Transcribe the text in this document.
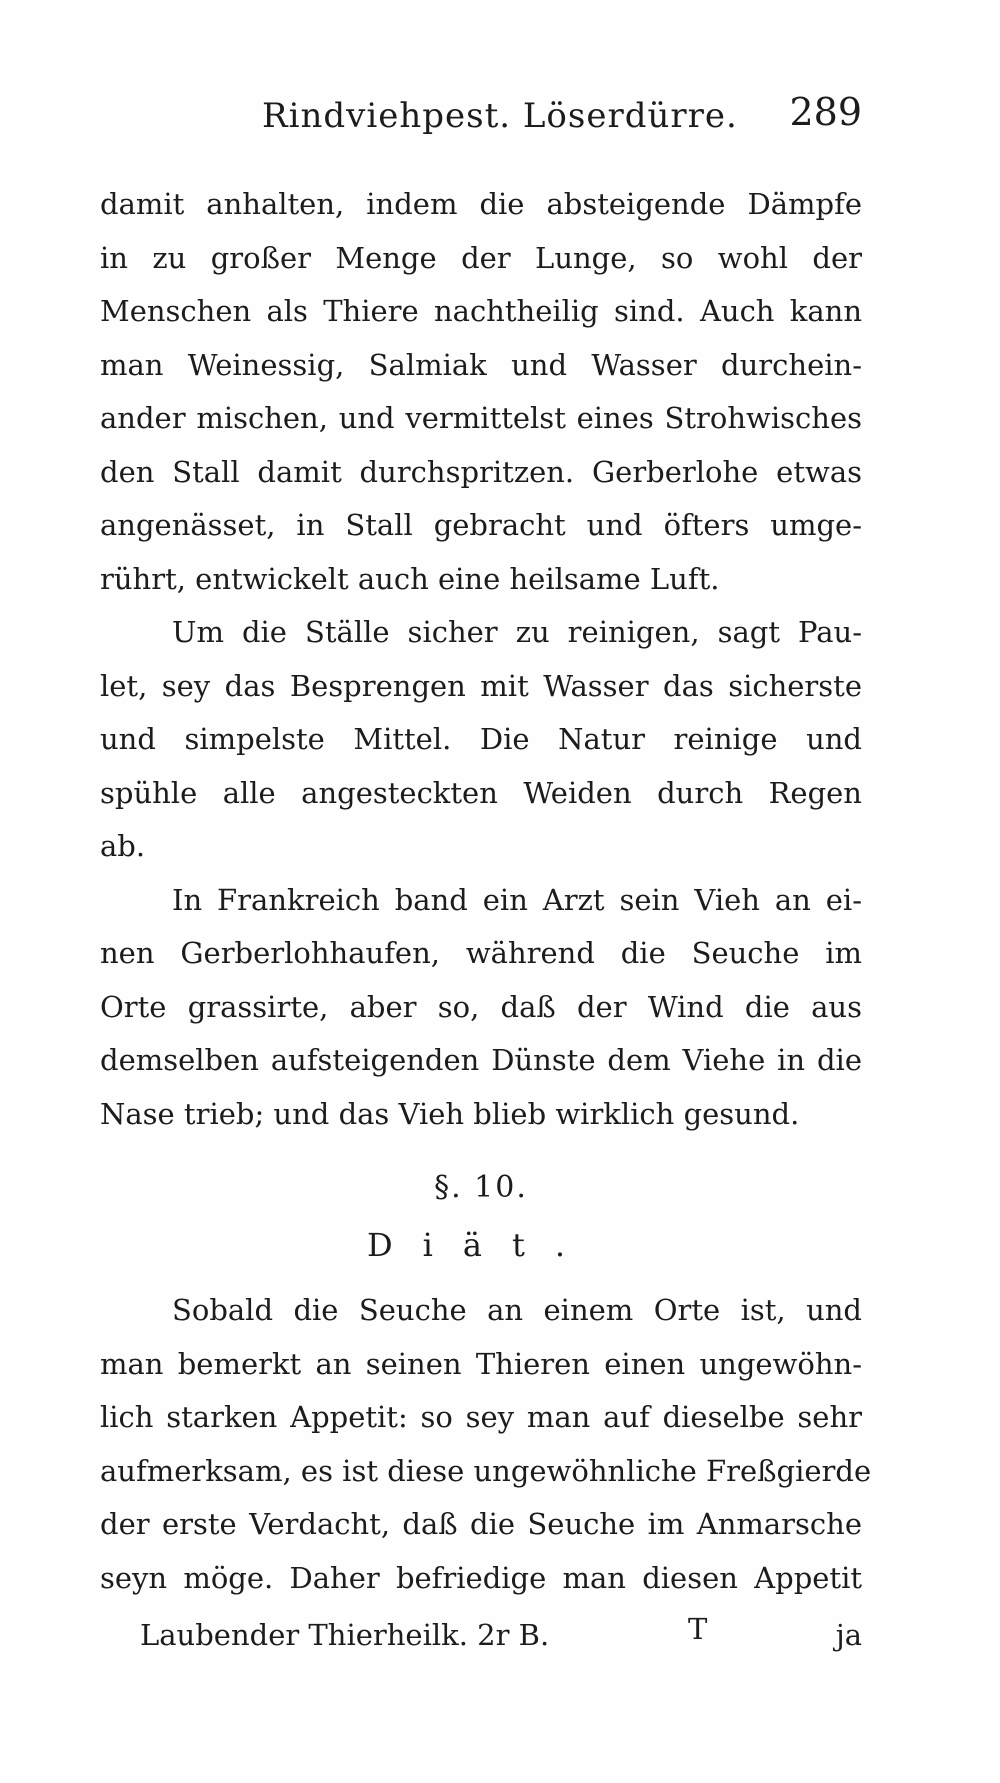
Rindviehpest. Löserdürre. 289
damit anhalten, indem die absteigende Dämpfe
in zu großer Menge der Lunge, so wohl der
Menschen als Thiere nachtheilig sind. Auch kann
man Weinessig, Salmiak und Wasser durchein-
ander mischen, und vermittelst eines Strohwisches
den Stall damit durchspritzen. Gerberlohe etwas
angenässet, in Stall gebracht und öfters umge-
rührt, entwickelt auch eine heilsame Luft.
Um die Ställe sicher zu reinigen, sagt Pau-
let, sey das Besprengen mit Wasser das sicherste
und simpelste Mittel. Die Natur reinige und
spühle alle angesteckten Weiden durch Regen
ab.
In Frankreich band ein Arzt sein Vieh an ei-
nen Gerberlohhaufen, während die Seuche im
Orte grassirte, aber so, daß der Wind die aus
demselben aufsteigenden Dünste dem Viehe in die
Nase trieb; und das Vieh blieb wirklich gesund.
§. 10.
Diät.
Sobald die Seuche an einem Orte ist, und
man bemerkt an seinen Thieren einen ungewöhn-
lich starken Appetit: so sey man auf dieselbe sehr
aufmerksam, es ist diese ungewöhnliche Freßgierde
der erste Verdacht, daß die Seuche im Anmarsche
seyn möge. Daher befriedige man diesen Appetit
Laubender Thierheilk. 2r B.	T	ja
